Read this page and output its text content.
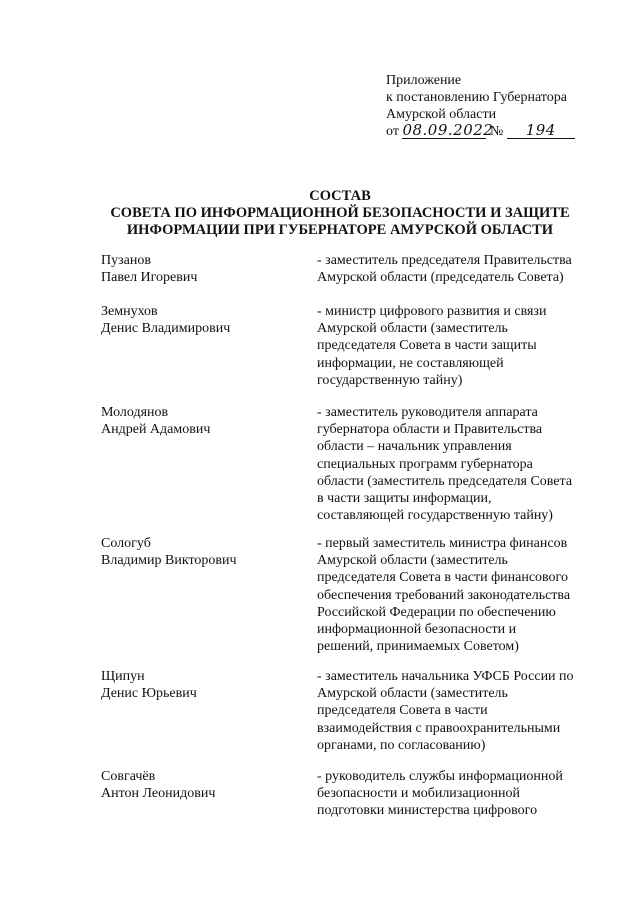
Приложение
к постановлению Губернатора
Амурской области
от 08.09.2022 № 194
СОСТАВ
СОВЕТА ПО ИНФОРМАЦИОННОЙ БЕЗОПАСНОСТИ И ЗАЩИТЕ
ИНФОРМАЦИИ ПРИ ГУБЕРНАТОРЕ АМУРСКОЙ ОБЛАСТИ
Пузанов
Павел Игоревич
- заместитель председателя Правительства
Амурской области (председатель Совета)
Земнухов
Денис Владимирович
- министр цифрового развития и связи
Амурской области (заместитель
председателя Совета в части защиты
информации, не составляющей
государственную тайну)
Молодянов
Андрей Адамович
- заместитель руководителя аппарата
губернатора области и Правительства
области – начальник управления
специальных программ губернатора
области (заместитель председателя Совета
в части защиты информации,
составляющей государственную тайну)
Сологуб
Владимир Викторович
- первый заместитель министра финансов
Амурской области (заместитель
председателя Совета в части финансового
обеспечения требований законодательства
Российской Федерации по обеспечению
информационной безопасности и
решений, принимаемых Советом)
Щипун
Денис Юрьевич
- заместитель начальника УФСБ России по
Амурской области (заместитель
председателя Совета в части
взаимодействия с правоохранительными
органами, по согласованию)
Совгачёв
Антон Леонидович
- руководитель службы информационной
безопасности и мобилизационной
подготовки министерства цифрового
